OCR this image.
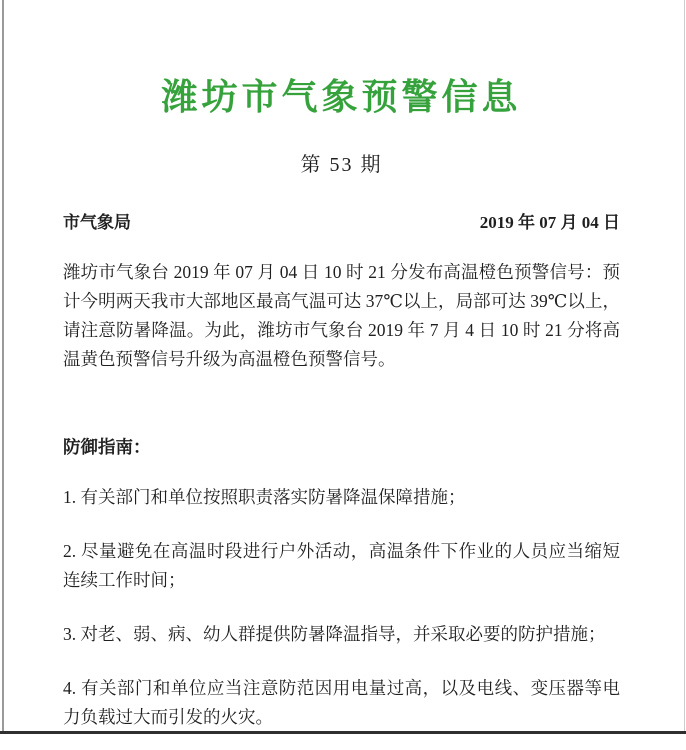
潍坊市气象预警信息
第 53 期
市气象局	2019 年 07 月 04 日

潍坊市气象台 2019 年 07 月 04 日 10 时 21 分发布高温橙色预警信号：预计今明两天我市大部地区最高气温可达 37℃以上，局部可达 39℃以上，请注意防暑降温。为此，潍坊市气象台 2019 年 7 月 4 日 10 时 21 分将高温黄色预警信号升级为高温橙色预警信号。

防御指南：

1. 有关部门和单位按照职责落实防暑降温保障措施；

2. 尽量避免在高温时段进行户外活动，高温条件下作业的人员应当缩短连续工作时间；

3. 对老、弱、病、幼人群提供防暑降温指导，并采取必要的防护措施；

4. 有关部门和单位应当注意防范因用电量过高，以及电线、变压器等电力负载过大而引发的火灾。
